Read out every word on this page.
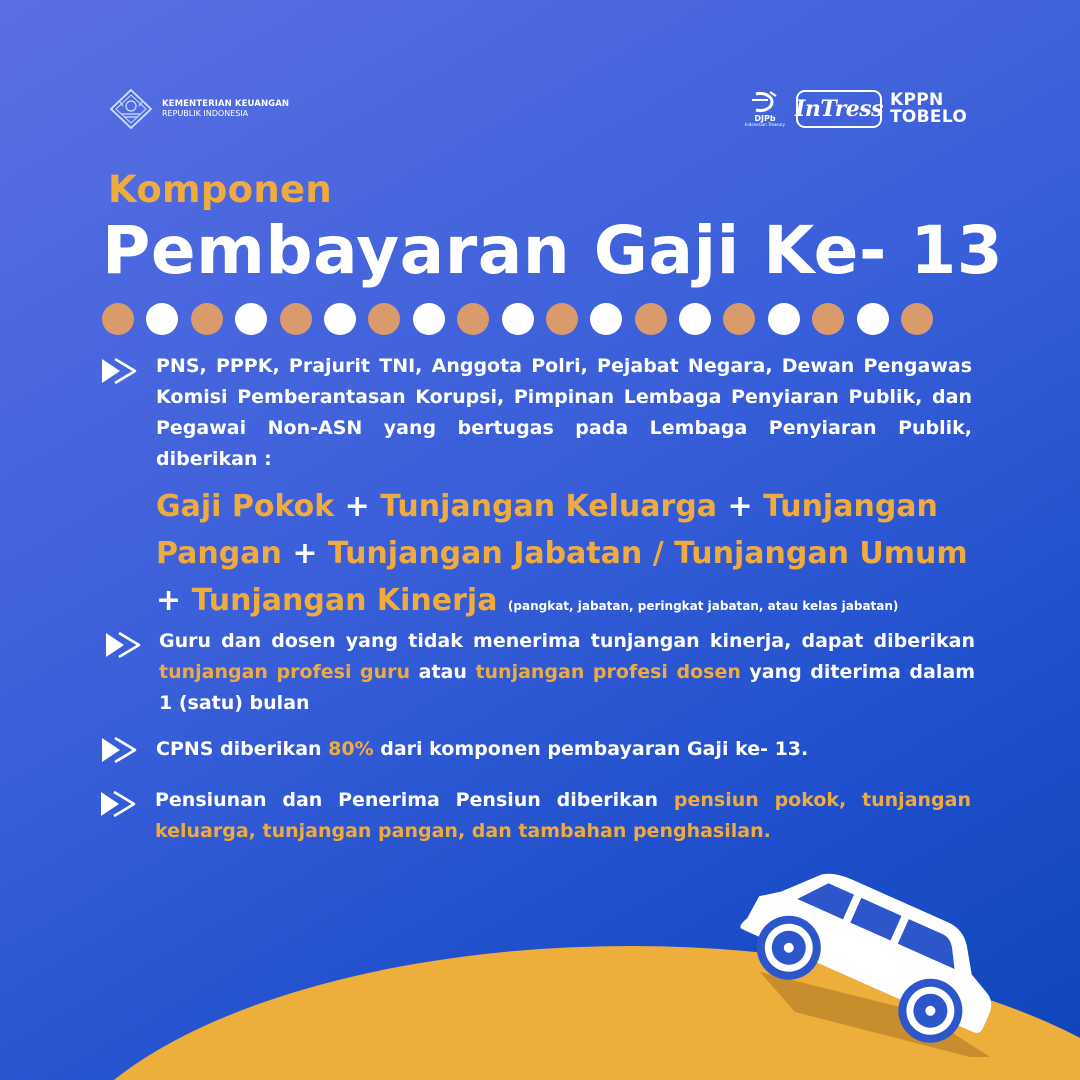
KEMENTERIAN KEUANGAN
REPUBLIK INDONESIA
DJPb
Indonesian Treasury
InTress KPPN
TOBELO
Komponen
Pembayaran Gaji Ke- 13
PNS, PPPK, Prajurit TNI, Anggota Polri, Pejabat Negara, Dewan Pengawas Komisi Pemberantasan Korupsi, Pimpinan Lembaga Penyiaran Publik, dan Pegawai Non-ASN yang bertugas pada Lembaga Penyiaran Publik, diberikan :
Gaji Pokok + Tunjangan Keluarga + Tunjangan Pangan + Tunjangan Jabatan / Tunjangan Umum + Tunjangan Kinerja (pangkat, jabatan, peringkat jabatan, atau kelas jabatan)
Guru dan dosen yang tidak menerima tunjangan kinerja, dapat diberikan tunjangan profesi guru atau tunjangan profesi dosen yang diterima dalam 1 (satu) bulan
CPNS diberikan 80% dari komponen pembayaran Gaji ke- 13.
Pensiunan dan Penerima Pensiun diberikan pensiun pokok, tunjangan keluarga, tunjangan pangan, dan tambahan penghasilan.
